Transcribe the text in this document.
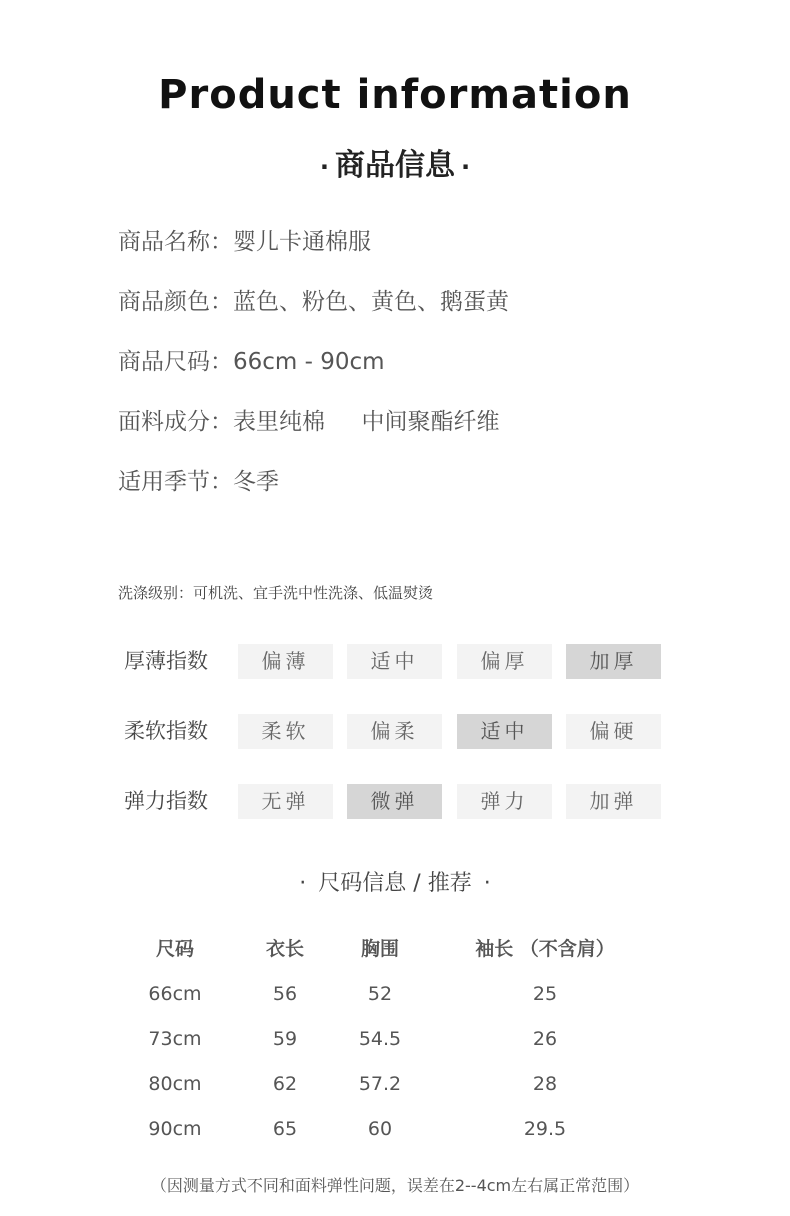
Product information
· 商品信息 ·
商品名称：婴儿卡通棉服
商品颜色：蓝色、粉色、黄色、鹅蛋黄
商品尺码：66cm - 90cm
面料成分：表里纯棉     中间聚酯纤维
适用季节：冬季
洗涤级别：可机洗、宜手洗中性洗涤、低温熨烫
厚薄指数	偏薄	适中	偏厚	加厚
柔软指数	柔软	偏柔	适中	偏硬
弹力指数	无弹	微弹	弹力	加弹
· 尺码信息 / 推荐 ·
尺码	衣长	胸围	袖长 （不含肩）
66cm	56	52	25
73cm	59	54.5	26
80cm	62	57.2	28
90cm	65	60	29.5
（因测量方式不同和面料弹性问题，误差在2--4cm左右属正常范围）
